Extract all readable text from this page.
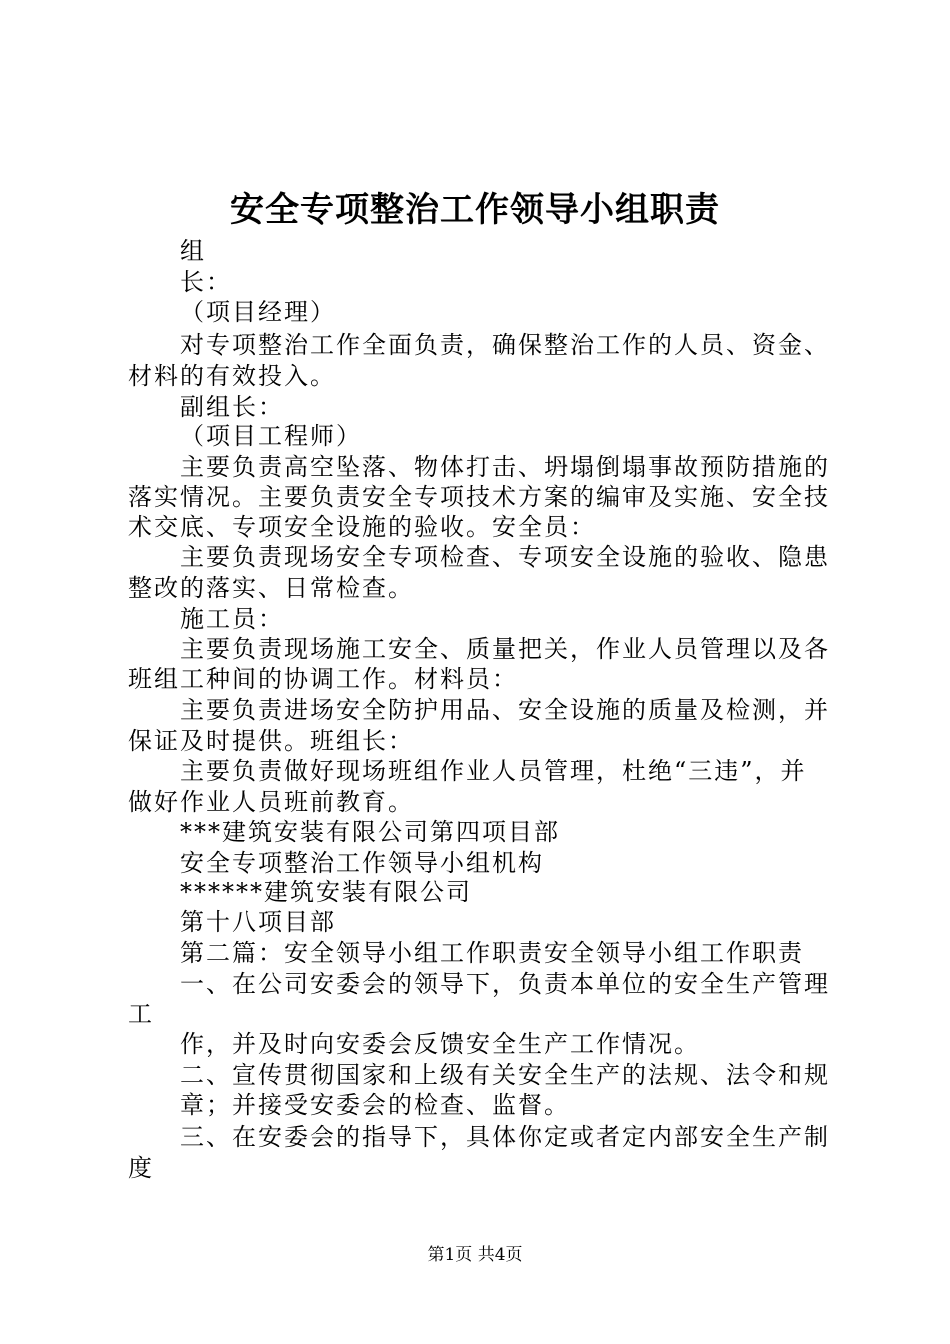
安全专项整治工作领导小组职责
组
长：
（项目经理）
对专项整治工作全面负责，确保整治工作的人员、资金、
材料的有效投入。
副组长：
（项目工程师）
主要负责高空坠落、物体打击、坍塌倒塌事故预防措施的
落实情况。主要负责安全专项技术方案的编审及实施、安全技
术交底、专项安全设施的验收。安全员：
主要负责现场安全专项检查、专项安全设施的验收、隐患
整改的落实、日常检查。
施工员：
主要负责现场施工安全、质量把关，作业人员管理以及各
班组工种间的协调工作。材料员：
主要负责进场安全防护用品、安全设施的质量及检测，并
保证及时提供。班组长：
主要负责做好现场班组作业人员管理，杜绝“三违”，并
做好作业人员班前教育。
***建筑安装有限公司第四项目部
安全专项整治工作领导小组机构
******建筑安装有限公司
第十八项目部
第二篇：安全领导小组工作职责安全领导小组工作职责
一、在公司安委会的领导下，负责本单位的安全生产管理
工
作，并及时向安委会反馈安全生产工作情况。
二、宣传贯彻国家和上级有关安全生产的法规、法令和规
章；并接受安委会的检查、监督。
三、在安委会的指导下，具体你定或者定内部安全生产制
度
第1页 共4页
